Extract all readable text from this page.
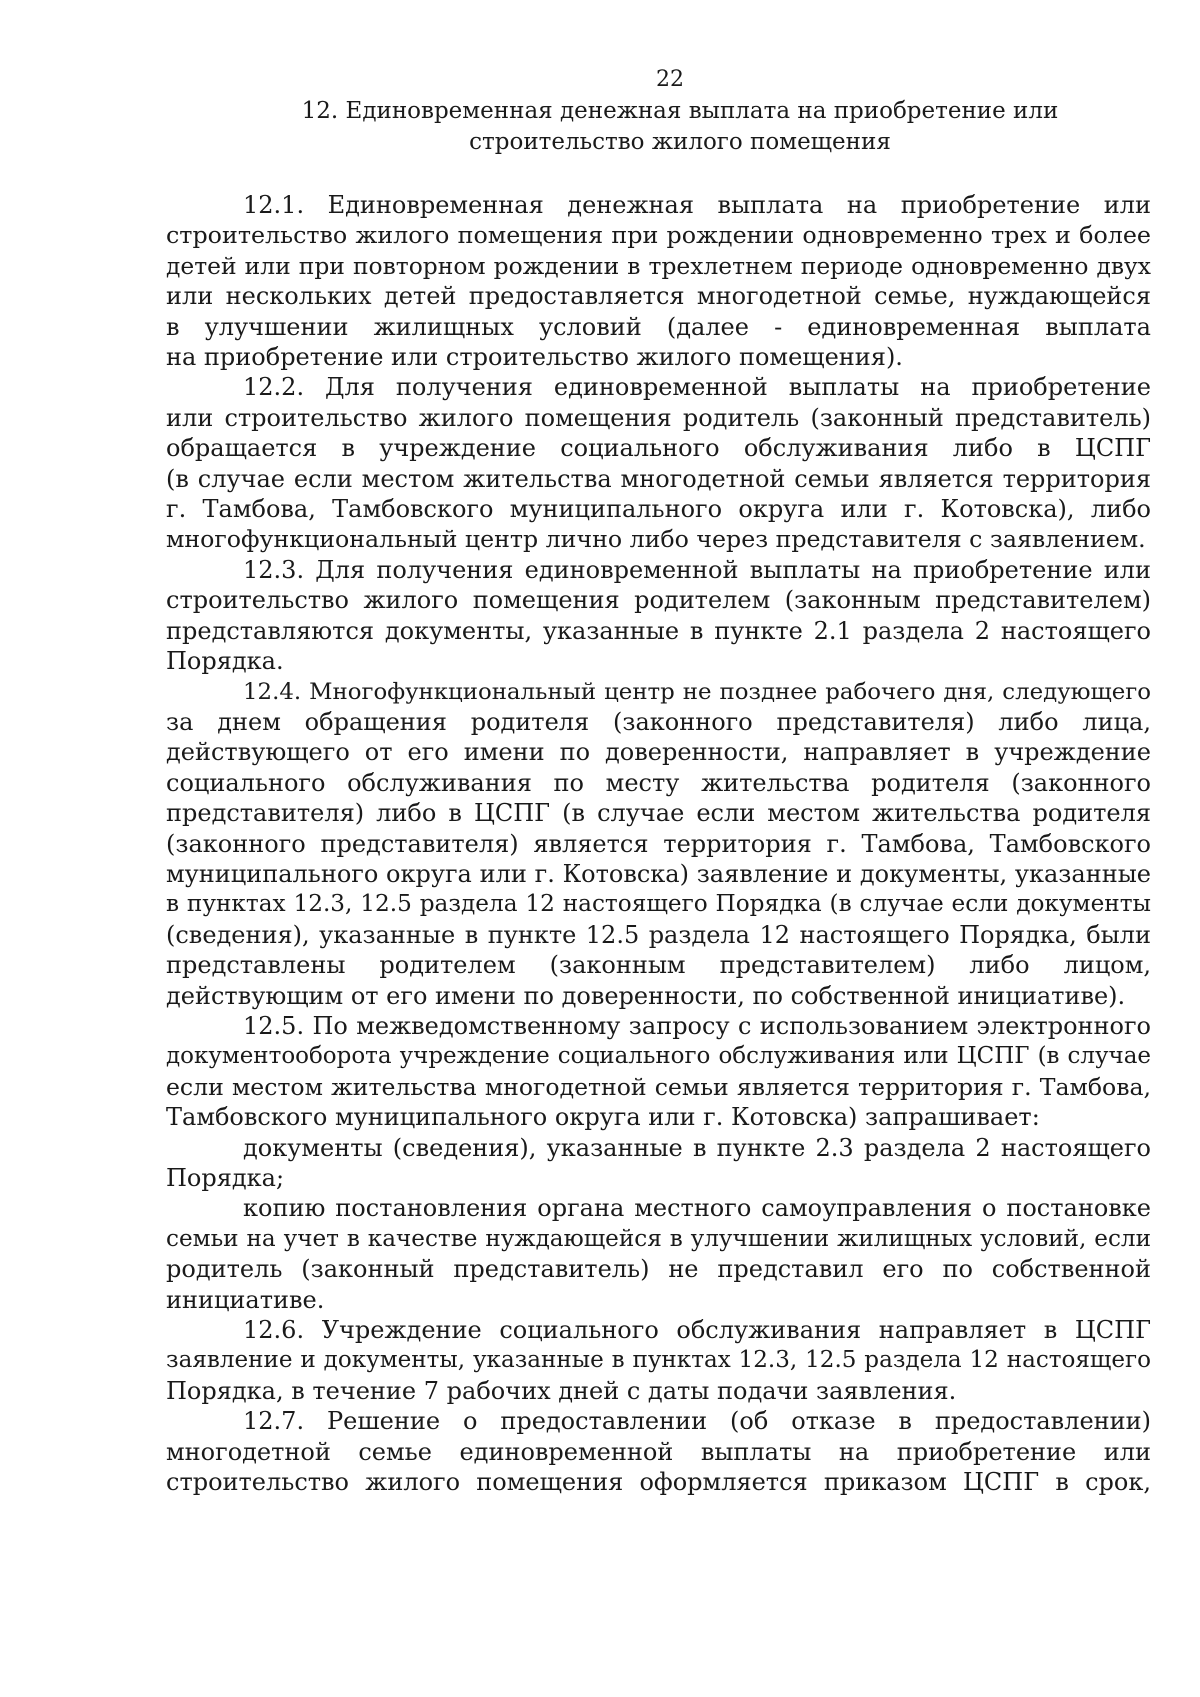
22
12. Единовременная денежная выплата на приобретение или
строительство жилого помещения
12.1. Единовременная денежная выплата на приобретение или
строительство жилого помещения при рождении одновременно трех и более
детей или при повторном рождении в трехлетнем периоде одновременно двух
или нескольких детей предоставляется многодетной семье, нуждающейся
в улучшении жилищных условий (далее - единовременная выплата
на приобретение или строительство жилого помещения).
12.2. Для получения единовременной выплаты на приобретение
или строительство жилого помещения родитель (законный представитель)
обращается в учреждение социального обслуживания либо в ЦСПГ
(в случае если местом жительства многодетной семьи является территория
г. Тамбова, Тамбовского муниципального округа или г. Котовска), либо
многофункциональный центр лично либо через представителя с заявлением.
12.3. Для получения единовременной выплаты на приобретение или
строительство жилого помещения родителем (законным представителем)
представляются документы, указанные в пункте 2.1 раздела 2 настоящего
Порядка.
12.4. Многофункциональный центр не позднее рабочего дня, следующего
за днем обращения родителя (законного представителя) либо лица,
действующего от его имени по доверенности, направляет в учреждение
социального обслуживания по месту жительства родителя (законного
представителя) либо в ЦСПГ (в случае если местом жительства родителя
(законного представителя) является территория г. Тамбова, Тамбовского
муниципального округа или г. Котовска) заявление и документы, указанные
в пунктах 12.3, 12.5 раздела 12 настоящего Порядка (в случае если документы
(сведения), указанные в пункте 12.5 раздела 12 настоящего Порядка, были
представлены родителем (законным представителем) либо лицом,
действующим от его имени по доверенности, по собственной инициативе).
12.5. По межведомственному запросу с использованием электронного
документооборота учреждение социального обслуживания или ЦСПГ (в случае
если местом жительства многодетной семьи является территория г. Тамбова,
Тамбовского муниципального округа или г. Котовска) запрашивает:
документы (сведения), указанные в пункте 2.3 раздела 2 настоящего
Порядка;
копию постановления органа местного самоуправления о постановке
семьи на учет в качестве нуждающейся в улучшении жилищных условий, если
родитель (законный представитель) не представил его по собственной
инициативе.
12.6. Учреждение социального обслуживания направляет в ЦСПГ
заявление и документы, указанные в пунктах 12.3, 12.5 раздела 12 настоящего
Порядка, в течение 7 рабочих дней с даты подачи заявления.
12.7. Решение о предоставлении (об отказе в предоставлении)
многодетной семье единовременной выплаты на приобретение или
строительство жилого помещения оформляется приказом ЦСПГ в срок,
